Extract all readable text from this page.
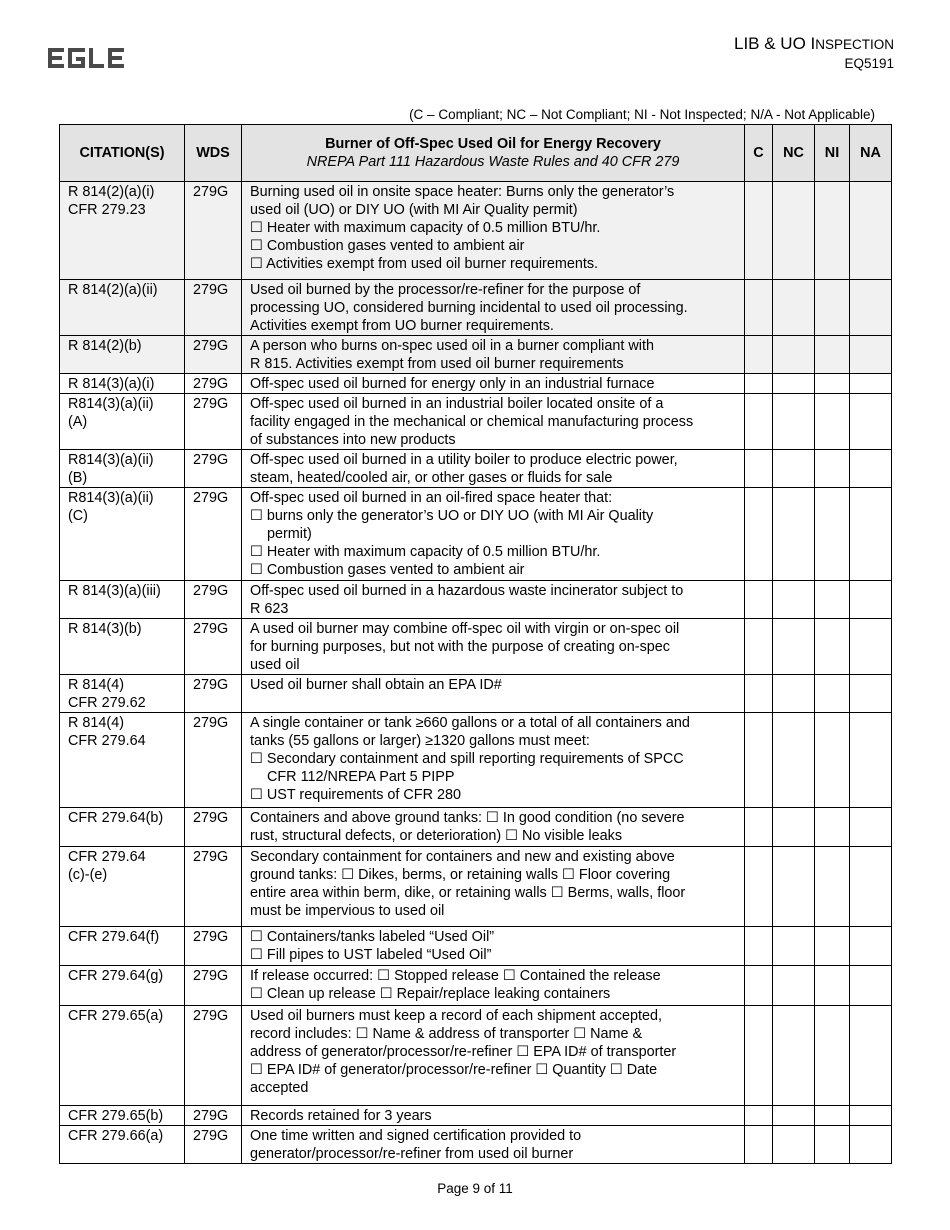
LIB & UO INSPECTION
EQ5191
(C – Compliant; NC – Not Compliant; NI - Not Inspected; N/A - Not Applicable)
CITATION(S)	WDS	Burner of Off-Spec Used Oil for Energy Recovery
NREPA Part 111 Hazardous Waste Rules and 40 CFR 279	C	NC	NI	NA

R 814(2)(a)(i)
CFR 279.23	279G	Burning used oil in onsite space heater: Burns only the generator’s
used oil (UO) or DIY UO (with MI Air Quality permit)
☐ Heater with maximum capacity of 0.5 million BTU/hr.
☐ Combustion gases vented to ambient air
☐ Activities exempt from used oil burner requirements.				

R 814(2)(a)(ii)	279G	Used oil burned by the processor/re-refiner for the purpose of
processing UO, considered burning incidental to used oil processing.
Activities exempt from UO burner requirements.				

R 814(2)(b)	279G	A person who burns on-spec used oil in a burner compliant with
R 815. Activities exempt from used oil burner requirements				

R 814(3)(a)(i)	279G	Off-spec used oil burned for energy only in an industrial furnace				

R814(3)(a)(ii)
(A)	279G	Off-spec used oil burned in an industrial boiler located onsite of a
facility engaged in the mechanical or chemical manufacturing process
of substances into new products				

R814(3)(a)(ii)
(B)	279G	Off-spec used oil burned in a utility boiler to produce electric power,
steam, heated/cooled air, or other gases or fluids for sale				

R814(3)(a)(ii)
(C)	279G	Off-spec used oil burned in an oil-fired space heater that:
☐ burns only the generator’s UO or DIY UO (with MI Air Quality
permit)
☐ Heater with maximum capacity of 0.5 million BTU/hr.
☐ Combustion gases vented to ambient air				

R 814(3)(a)(iii)	279G	Off-spec used oil burned in a hazardous waste incinerator subject to
R 623				

R 814(3)(b)	279G	A used oil burner may combine off-spec oil with virgin or on-spec oil
for burning purposes, but not with the purpose of creating on-spec
used oil				

R 814(4)
CFR 279.62	279G	Used oil burner shall obtain an EPA ID#				

R 814(4)
CFR 279.64	279G	A single container or tank ≥660 gallons or a total of all containers and
tanks (55 gallons or larger) ≥1320 gallons must meet:
☐ Secondary containment and spill reporting requirements of SPCC
CFR 112/NREPA Part 5 PIPP
☐ UST requirements of CFR 280				

CFR 279.64(b)	279G	Containers and above ground tanks: ☐ In good condition (no severe
rust, structural defects, or deterioration) ☐ No visible leaks				

CFR 279.64
(c)-(e)	279G	Secondary containment for containers and new and existing above
ground tanks: ☐ Dikes, berms, or retaining walls ☐ Floor covering
entire area within berm, dike, or retaining walls ☐ Berms, walls, floor
must be impervious to used oil				

CFR 279.64(f)	279G	☐ Containers/tanks labeled “Used Oil”
☐ Fill pipes to UST labeled “Used Oil”				

CFR 279.64(g)	279G	If release occurred: ☐ Stopped release ☐ Contained the release
☐ Clean up release ☐ Repair/replace leaking containers				

CFR 279.65(a)	279G	Used oil burners must keep a record of each shipment accepted,
record includes: ☐ Name & address of transporter ☐ Name &
address of generator/processor/re-refiner ☐ EPA ID# of transporter
☐ EPA ID# of generator/processor/re-refiner ☐ Quantity ☐ Date
accepted				

CFR 279.65(b)	279G	Records retained for 3 years				

CFR 279.66(a)	279G	One time written and signed certification provided to
generator/processor/re-refiner from used oil burner				

Page 9 of 11
